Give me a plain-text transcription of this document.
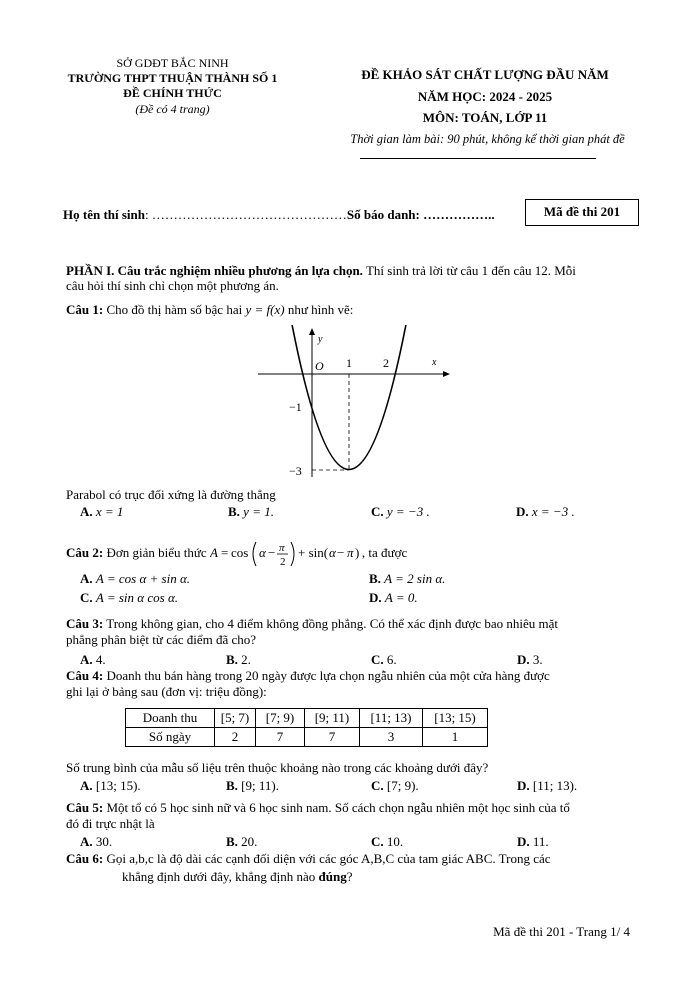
SỞ GDĐT BẮC NINH
TRƯỜNG THPT THUẬN THÀNH SỐ 1
ĐỀ CHÍNH THỨC
(Đề có 4 trang)
ĐỀ KHẢO SÁT CHẤT LƯỢNG ĐẦU NĂM
NĂM HỌC: 2024 - 2025
MÔN: TOÁN, LỚP 11
Thời gian làm bài: 90 phút, không kể thời gian phát đề
Họ tên thí sinh: ………………………………………Số báo danh: ……………..	Mã đề thi 201
PHẦN I. Câu trắc nghiệm nhiều phương án lựa chọn. Thí sinh trả lời từ câu 1 đến câu 12. Mỗi
câu hỏi thí sinh chỉ chọn một phương án.
Câu 1: Cho đồ thị hàm số bậc hai y = f(x) như hình vẽ:
y
x
O 1	2
−1
−3
Parabol có trục đối xứng là đường thẳng
A. x = 1	B. y = 1.	C. y = −3 .	D. x = −3 .
Câu 2: Đơn giản biểu thức A = cos α − π
2
+ sin( α − π ) , ta được
A. A = cos α + sin α.	B. A = 2 sin α.
C. A = sin α cos α.	D. A = 0.
Câu 3: Trong không gian, cho 4 điểm không đồng phẳng. Có thể xác định được bao nhiêu mặt
phẳng phân biệt từ các điểm đã cho?
A. 4.	B. 2.	C. 6.	D. 3.
Câu 4: Doanh thu bán hàng trong 20 ngày được lựa chọn ngẫu nhiên của một cửa hàng được
ghi lại ở bảng sau (đơn vị: triệu đồng):
Doanh thu	[5; 7)	[7; 9)	[9; 11)	[11; 13)	[13; 15)
Số ngày	2	7	7	3	1
Số trung bình của mẫu số liệu trên thuộc khoảng nào trong các khoảng dưới đây?
A. [13; 15).	B. [9; 11).	C. [7; 9).	D. [11; 13).
Câu 5: Một tổ có 5 học sinh nữ và 6 học sinh nam. Số cách chọn ngẫu nhiên một học sinh của tổ
đó đi trực nhật là
A. 30.	B. 20.	C. 10.	D. 11.
Câu 6: Gọi a,b,c là độ dài các cạnh đối diện với các góc A,B,C của tam giác ABC. Trong các
khẳng định dưới đây, khẳng định nào đúng?
Mã đề thi 201 - Trang 1/ 4
